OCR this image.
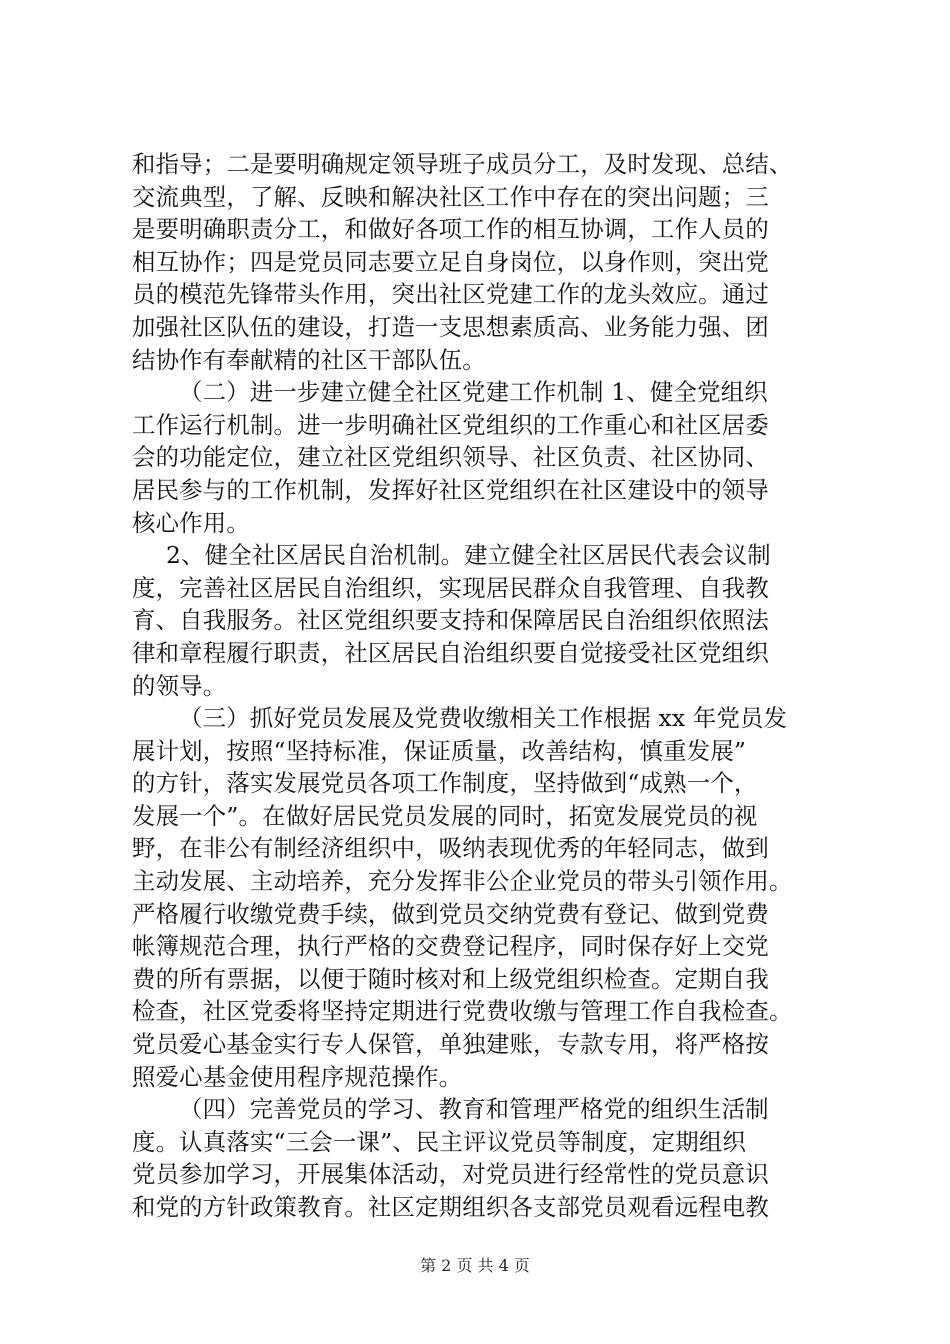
和指导；二是要明确规定领导班子成员分工，及时发现、总结、
交流典型，了解、反映和解决社区工作中存在的突出问题；三
是要明确职责分工，和做好各项工作的相互协调，工作人员的
相互协作；四是党员同志要立足自身岗位，以身作则，突出党
员的模范先锋带头作用，突出社区党建工作的龙头效应。通过
加强社区队伍的建设，打造一支思想素质高、业务能力强、团
结协作有奉献精的社区干部队伍。
（二）进一步建立健全社区党建工作机制 1、健全党组织
工作运行机制。进一步明确社区党组织的工作重心和社区居委
会的功能定位，建立社区党组织领导、社区负责、社区协同、
居民参与的工作机制，发挥好社区党组织在社区建设中的领导
核心作用。
2、健全社区居民自治机制。建立健全社区居民代表会议制
度，完善社区居民自治组织，实现居民群众自我管理、自我教
育、自我服务。社区党组织要支持和保障居民自治组织依照法
律和章程履行职责，社区居民自治组织要自觉接受社区党组织
的领导。
（三）抓好党员发展及党费收缴相关工作根据 xx 年党员发
展计划，按照“坚持标准，保证质量，改善结构，慎重发展”
的方针，落实发展党员各项工作制度，坚持做到“成熟一个，
发展一个”。在做好居民党员发展的同时，拓宽发展党员的视
野，在非公有制经济组织中，吸纳表现优秀的年轻同志，做到
主动发展、主动培养，充分发挥非公企业党员的带头引领作用。
严格履行收缴党费手续，做到党员交纳党费有登记、做到党费
帐簿规范合理，执行严格的交费登记程序，同时保存好上交党
费的所有票据，以便于随时核对和上级党组织检查。定期自我
检查，社区党委将坚持定期进行党费收缴与管理工作自我检查。
党员爱心基金实行专人保管，单独建账，专款专用，将严格按
照爱心基金使用程序规范操作。
（四）完善党员的学习、教育和管理严格党的组织生活制
度。认真落实“三会一课”、民主评议党员等制度，定期组织
党员参加学习，开展集体活动，对党员进行经常性的党员意识
和党的方针政策教育。社区定期组织各支部党员观看远程电教
第 2 页 共 4 页
